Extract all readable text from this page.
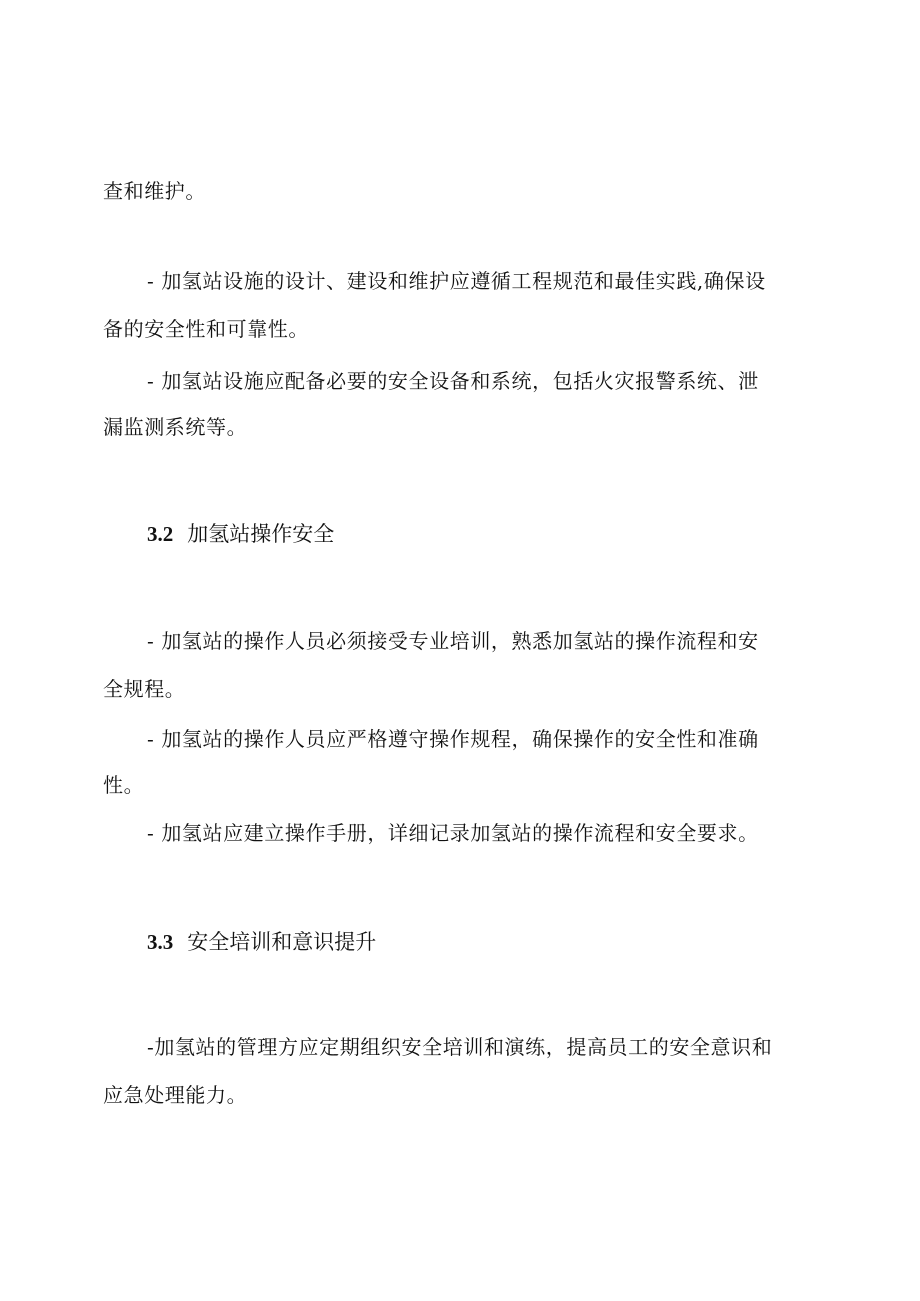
查和维护。
- 加氢站设施的设计、建设和维护应遵循工程规范和最佳实践,确保设
备的安全性和可靠性。
- 加氢站设施应配备必要的安全设备和系统，包括火灾报警系统、泄
漏监测系统等。
3.2 加氢站操作安全
- 加氢站的操作人员必须接受专业培训，熟悉加氢站的操作流程和安
全规程。
- 加氢站的操作人员应严格遵守操作规程，确保操作的安全性和准确
性。
- 加氢站应建立操作手册，详细记录加氢站的操作流程和安全要求。
3.3 安全培训和意识提升
-加氢站的管理方应定期组织安全培训和演练，提高员工的安全意识和
应急处理能力。
